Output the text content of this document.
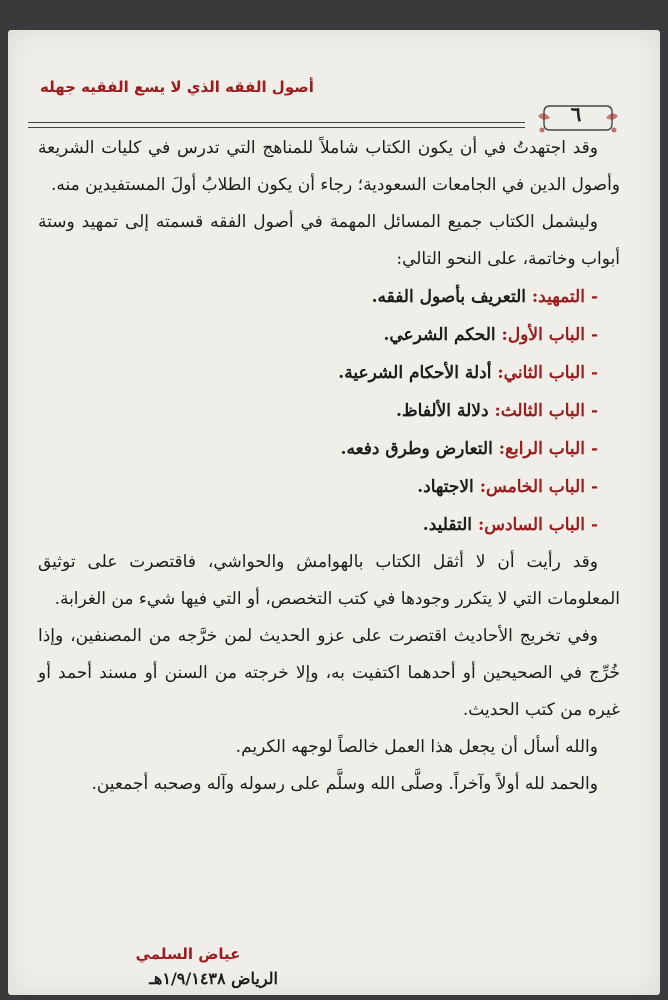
أصول الفقه الذي لا يسع الفقيه جهله
٦

وقد اجتهدتُ في أن يكون الكتاب شاملاً للمناهج التي تدرس في كليات الشريعة وأصول الدين في الجامعات السعودية؛ رجاء أن يكون الطلابُ أولَ المستفيدين منه.

وليشمل الكتاب جميع المسائل المهمة في أصول الفقه قسمته إلى تمهيد وستة أبواب وخاتمة، على النحو التالي:

-التمهيد: التعريف بأصول الفقه.
-الباب الأول: الحكم الشرعي.
-الباب الثاني: أدلة الأحكام الشرعية.
-الباب الثالث: دلالة الألفاظ.
-الباب الرابع: التعارض وطرق دفعه.
-الباب الخامس: الاجتهاد.
-الباب السادس: التقليد.

وقد رأيت أن لا أثقل الكتاب بالهوامش والحواشي، فاقتصرت على توثيق المعلومات التي لا يتكرر وجودها في كتب التخصص، أو التي فيها شيء من الغرابة.

وفي تخريج الأحاديث اقتصرت على عزو الحديث لمن خرَّجه من المصنفين، وإذا خُرِّج في الصحيحين أو أحدهما اكتفيت به، وإلا خرجته من السنن أو مسند أحمد أو غيره من كتب الحديث.

والله أسأل أن يجعل هذا العمل خالصاً لوجهه الكريم.

والحمد لله أولاً وآخراً. وصلَّى الله وسلَّم على رسوله وآله وصحبه أجمعين.

عياض السلمي
الرياض ١/٩/١٤٣٨هـ
